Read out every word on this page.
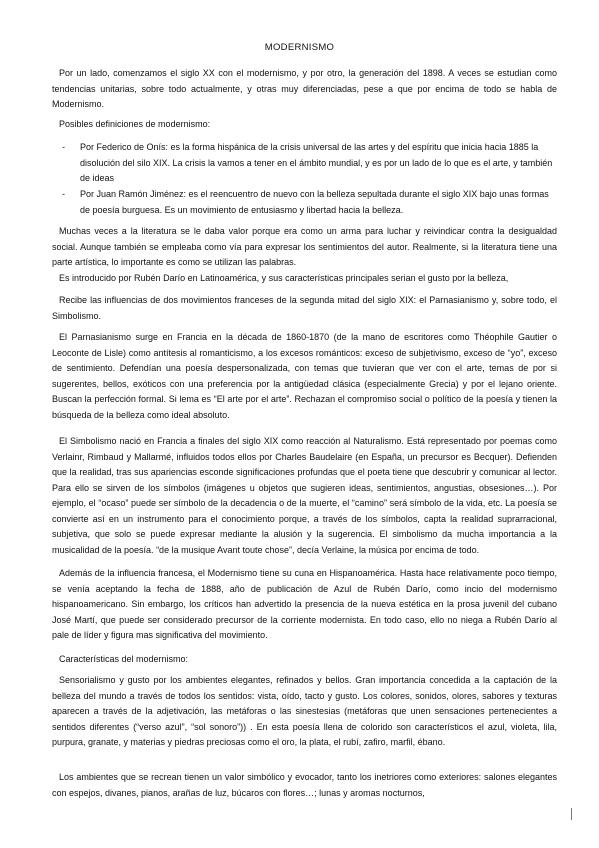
MODERNISMO
Por un lado, comenzamos el siglo XX con el modernismo, y por otro, la generación del 1898. A veces se estudian como tendencias unitarias, sobre todo actualmente, y otras muy diferenciadas, pese a que por encima de todo se habla de Modernismo.
Posibles definiciones de modernismo:
- Por Federico de Onís: es la forma hispánica de la crisis universal de las artes y del espíritu que inicia hacia 1885 la disolución del silo XIX. La crisis la vamos a tener en el ámbito mundial, y es por un lado de lo que es el arte, y también de ideas
- Por Juan Ramón Jiménez: es el reencuentro de nuevo con la belleza sepultada durante el siglo XIX bajo unas formas de poesía burguesa. Es un movimiento de entusiasmo y libertad hacia la belleza.
Muchas veces a la literatura se le daba valor porque era como un arma para luchar y reivindicar contra la desigualdad social. Aunque también se empleaba como vía para expresar los sentimientos del autor. Realmente, si la literatura tiene una parte artística, lo importante es como se utilizan las palabras.
Es introducido por Rubén Darío en Latinoamérica, y sus características principales serian el gusto por la belleza,
Recibe las influencias de dos movimientos franceses de la segunda mitad del siglo XIX: el Parnasianismo y, sobre todo, el Simbolismo.
El Parnasianismo surge en Francia en la década de 1860-1870 (de la mano de escritores como Théophile Gautier o Leoconte de Lisle) como antítesis al romanticismo, a los excesos románticos: exceso de subjetivismo, exceso de “yo”, exceso de sentimiento. Defendían una poesía despersonalizada, con temas que tuvieran que ver con el arte, temas de por si sugerentes, bellos, exóticos con una preferencia por la antigüedad clásica (especialmente Grecia) y por el lejano oriente. Buscan la perfección formal. Si lema es “El arte por el arte”. Rechazan el compromiso social o político de la poesía y tienen la búsqueda de la belleza como ideal absoluto.
El Simbolismo nació en Francia a finales del siglo XIX como reacción al Naturalismo. Está representado por poemas como Verlainr, Rimbaud y Mallarmé, influidos todos ellos por Charles Baudelaire (en España, un precursor es Becquer). Defienden que la realidad, tras sus apariencias esconde significaciones profundas que el poeta tiene que descubrir y comunicar al lector. Para ello se sirven de los símbolos (imágenes u objetos que sugieren ideas, sentimientos, angustias, obsesiones…). Por ejemplo, el “ocaso” puede ser símbolo de la decadencia o de la muerte, el “camino” será símbolo de la vida, etc. La poesía se convierte así en un instrumento para el conocimiento porque, a través de los símbolos, capta la realidad suprarracional, subjetiva, que solo se puede expresar mediante la alusión y la sugerencia. El simbolismo da mucha importancia a la musicalidad de la poesía. “de la musique Avant toute chose”, decía Verlaine, la música por encima de todo.
Además de la influencia francesa, el Modernismo tiene su cuna en Hispanoamérica. Hasta hace relativamente poco tiempo, se venía aceptando la fecha de 1888, año de publicación de Azul de Rubén Darío, como incio del modernismo hispanoamericano. Sin embargo, los críticos han advertido la presencia de la nueva estética en la prosa juvenil del cubano José Martí, que puede ser considerado precursor de la corriente modernista. En todo caso, ello no niega a Rubén Darío al pale de líder y figura mas significativa del movimiento.
Características del modernismo:
Sensorialismo y gusto por los ambientes elegantes, refinados y bellos. Gran importancia concedida a la captación de la belleza del mundo a través de todos los sentidos: vista, oído, tacto y gusto. Los colores, sonidos, olores, sabores y texturas aparecen a través de la adjetivación, las metáforas o las sinestesias (metáforas que unen sensaciones pertenecientes a sentidos diferentes (“verso azul”, “sol sonoro”)) . En esta poesía llena de colorido son característicos el azul, violeta, lila, purpura, granate, y materias y piedras preciosas como el oro, la plata, el rubí, zafiro, marfil, ébano.
Los ambientes que se recrean tienen un valor simbólico y evocador, tanto los inetriores como exteriores: salones elegantes con espejos, divanes, pianos, arañas de luz, búcaros con flores…; lunas y aromas nocturnos,
